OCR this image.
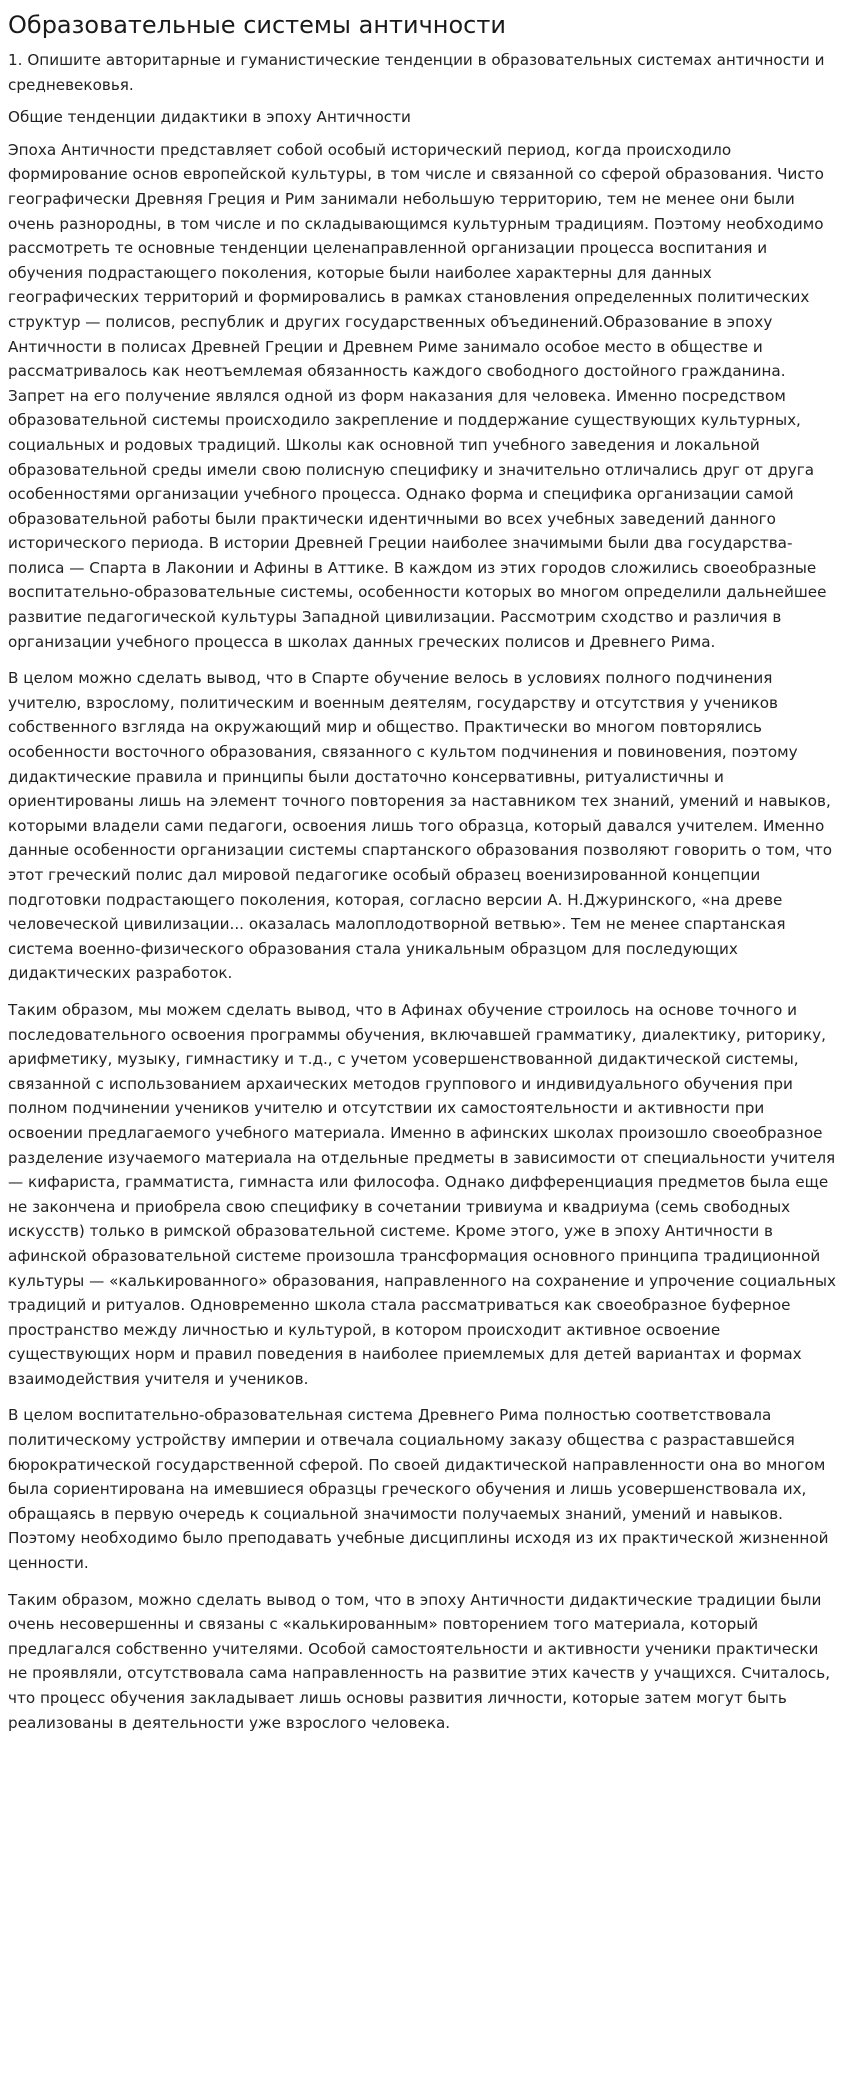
Образовательные системы античности

1. Опишите авторитарные и гуманистические тенденции в образовательных системах античности и средневековья.

Общие тенденции дидактики в эпоху Античности

Эпоха Античности представляет собой особый исторический период, когда происходило формирование основ европейской культуры, в том числе и связанной со сферой образования. Чисто географически Древняя Греция и Рим занимали небольшую территорию, тем не менее они были очень разнородны, в том числе и по складывающимся культурным традициям. Поэтому необходимо рассмотреть те основные тенденции целенаправленной организации процесса воспитания и обучения подрастающего поколения, которые были наиболее характерны для данных географических территорий и формировались в рамках становления определенных политических структур — полисов, республик и других государственных объединений.Образование в эпоху Античности в полисах Древней Греции и Древнем Риме занимало особое место в обществе и рассматривалось как неотъемлемая обязанность каждого свободного достойного гражданина. Запрет на его получение являлся одной из форм наказания для человека. Именно посредством образовательной системы происходило закрепление и поддержание существующих культурных, социальных и родовых традиций. Школы как основной тип учебного заведения и локальной образовательной среды имели свою полисную специфику и значительно отличались друг от друга особенностями организации учебного процесса. Однако форма и специфика организации самой образовательной работы были практически идентичными во всех учебных заведений данного исторического периода. В истории Древней Греции наиболее значимыми были два государства-полиса — Спарта в Лаконии и Афины в Аттике. В каждом из этих городов сложились своеобразные воспитательно-образовательные системы, особенности которых во многом определили дальнейшее развитие педагогической культуры Западной цивилизации. Рассмотрим сходство и различия в организации учебного процесса в школах данных греческих полисов и Древнего Рима.

В целом можно сделать вывод, что в Спарте обучение велось в условиях полного подчинения учителю, взрослому, политическим и военным деятелям, государству и отсутствия у учеников собственного взгляда на окружающий мир и общество. Практически во многом повторялись особенности восточного образования, связанного с культом подчинения и повиновения, поэтому дидактические правила и принципы были достаточно консервативны, ритуалистичны и ориентированы лишь на элемент точного повторения за наставником тех знаний, умений и навыков, которыми владели сами педагоги, освоения лишь того образца, который давался учителем. Именно данные особенности организации системы спартанского образования позволяют говорить о том, что этот греческий полис дал мировой педагогике особый образец военизированной концепции подготовки подрастающего поколения, которая, согласно версии А. Н.Джуринского, «на древе человеческой цивилизации... оказалась малоплодотворной ветвью». Тем не менее спартанская система военно-физического образования стала уникальным образцом для последующих дидактических разработок.

Таким образом, мы можем сделать вывод, что в Афинах обучение строилось на основе точного и последовательного освоения программы обучения, включавшей грамматику, диалектику, риторику, арифметику, музыку, гимнастику и т.д., с учетом усовершенствованной дидактической системы, связанной с использованием архаических методов группового и индивидуального обучения при полном подчинении учеников учителю и отсутствии их самостоятельности и активности при освоении предлагаемого учебного материала. Именно в афинских школах произошло своеобразное разделение изучаемого материала на отдельные предметы в зависимости от специальности учителя — кифариста, грамматиста, гимнаста или философа. Однако дифференциация предметов была еще не закончена и приобрела свою специфику в сочетании тривиума и квадриума (семь свободных искусств) только в римской образовательной системе. Кроме этого, уже в эпоху Античности в афинской образовательной системе произошла трансформация основного принципа традиционной культуры — «калькированного» образования, направленного на сохранение и упрочение социальных традиций и ритуалов. Одновременно школа стала рассматриваться как своеобразное буферное пространство между личностью и культурой, в котором происходит активное освоение существующих норм и правил поведения в наиболее приемлемых для детей вариантах и формах взаимодействия учителя и учеников.

В целом воспитательно-образовательная система Древнего Рима полностью соответствовала политическому устройству империи и отвечала социальному заказу общества с разраставшейся бюрократической государственной сферой. По своей дидактической направленности она во многом была сориентирована на имевшиеся образцы греческого обучения и лишь усовершенствовала их, обращаясь в первую очередь к социальной значимости получаемых знаний, умений и навыков. Поэтому необходимо было преподавать учебные дисциплины исходя из их практической жизненной ценности.

Таким образом, можно сделать вывод о том, что в эпоху Античности дидактические традиции были очень несовершенны и связаны с «калькированным» повторением того материала, который предлагался собственно учителями. Особой самостоятельности и активности ученики практически не проявляли, отсутствовала сама направленность на развитие этих качеств у учащихся. Считалось, что процесс обучения закладывает лишь основы развития личности, которые затем могут быть реализованы в деятельности уже взрослого человека.
